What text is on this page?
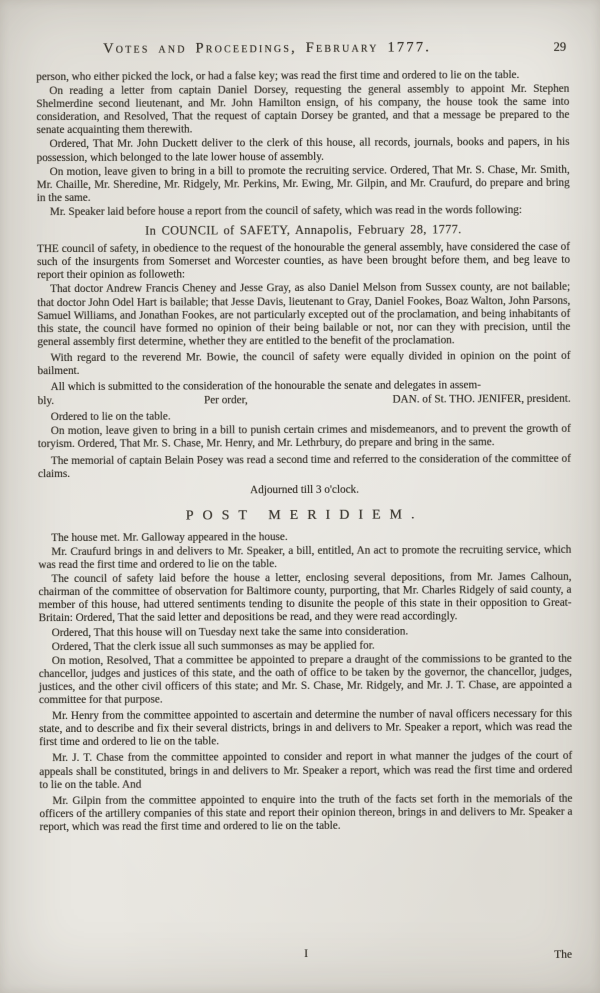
Votes and Proceedings, February 1777.	29

person, who either picked the lock, or had a false key; was read the first time and ordered to lie on the table.

On reading a letter from captain Daniel Dorsey, requesting the general assembly to appoint Mr. Stephen Shelmerdine second lieutenant, and Mr. John Hamilton ensign, of his company, the house took the same into consideration, and Resolved, That the request of captain Dorsey be granted, and that a message be prepared to the senate acquainting them therewith.

Ordered, That Mr. John Duckett deliver to the clerk of this house, all records, journals, books and papers, in his possession, which belonged to the late lower house of assembly.

On motion, leave given to bring in a bill to promote the recruiting service. Ordered, That Mr. S. Chase, Mr. Smith, Mr. Chaille, Mr. Sheredine, Mr. Ridgely, Mr. Perkins, Mr. Ewing, Mr. Gilpin, and Mr. Craufurd, do prepare and bring in the same.

Mr. Speaker laid before house a report from the council of safety, which was read in the words following:

In COUNCIL of SAFETY, Annapolis, February 28, 1777.

THE council of safety, in obedience to the request of the honourable the general assembly, have considered the case of such of the insurgents from Somerset and Worcester counties, as have been brought before them, and beg leave to report their opinion as followeth:

That doctor Andrew Francis Cheney and Jesse Gray, as also Daniel Melson from Sussex county, are not bailable; that doctor John Odel Hart is bailable; that Jesse Davis, lieutenant to Gray, Daniel Fookes, Boaz Walton, John Parsons, Samuel Williams, and Jonathan Fookes, are not particularly excepted out of the proclamation, and being inhabitants of this state, the council have formed no opinion of their being bailable or not, nor can they with precision, until the general assembly first determine, whether they are entitled to the benefit of the proclamation.

With regard to the reverend Mr. Bowie, the council of safety were equally divided in opinion on the point of bailment.

All which is submitted to the consideration of the honourable the senate and delegates in assem-

bly.	Per order,	DAN. of St. THO. JENIFER, president.

Ordered to lie on the table.

On motion, leave given to bring in a bill to punish certain crimes and misdemeanors, and to prevent the growth of toryism. Ordered, That Mr. S. Chase, Mr. Henry, and Mr. Lethrbury, do prepare and bring in the same.

The memorial of captain Belain Posey was read a second time and referred to the consideration of the committee of claims.

Adjourned till 3 o'clock.

POST MERIDIEM.

The house met. Mr. Galloway appeared in the house.

Mr. Craufurd brings in and delivers to Mr. Speaker, a bill, entitled, An act to promote the recruiting service, which was read the first time and ordered to lie on the table.

The council of safety laid before the house a letter, enclosing several depositions, from Mr. James Calhoun, chairman of the committee of observation for Baltimore county, purporting, that Mr. Charles Ridgely of said county, a member of this house, had uttered sentiments tending to disunite the people of this state in their opposition to Great-Britain: Ordered, That the said letter and depositions be read, and they were read accordingly.

Ordered, That this house will on Tuesday next take the same into consideration.

Ordered, That the clerk issue all such summonses as may be applied for.

On motion, Resolved, That a committee be appointed to prepare a draught of the commissions to be granted to the chancellor, judges and justices of this state, and the oath of office to be taken by the governor, the chancellor, judges, justices, and the other civil officers of this state; and Mr. S. Chase, Mr. Ridgely, and Mr. J. T. Chase, are appointed a committee for that purpose.

Mr. Henry from the committee appointed to ascertain and determine the number of naval officers necessary for this state, and to describe and fix their several districts, brings in and delivers to Mr. Speaker a report, which was read the first time and ordered to lie on the table.

Mr. J. T. Chase from the committee appointed to consider and report in what manner the judges of the court of appeals shall be constituted, brings in and delivers to Mr. Speaker a report, which was read the first time and ordered to lie on the table. And

Mr. Gilpin from the committee appointed to enquire into the truth of the facts set forth in the memorials of the officers of the artillery companies of this state and report their opinion thereon, brings in and delivers to Mr. Speaker a report, which was read the first time and ordered to lie on the table.

I	The
